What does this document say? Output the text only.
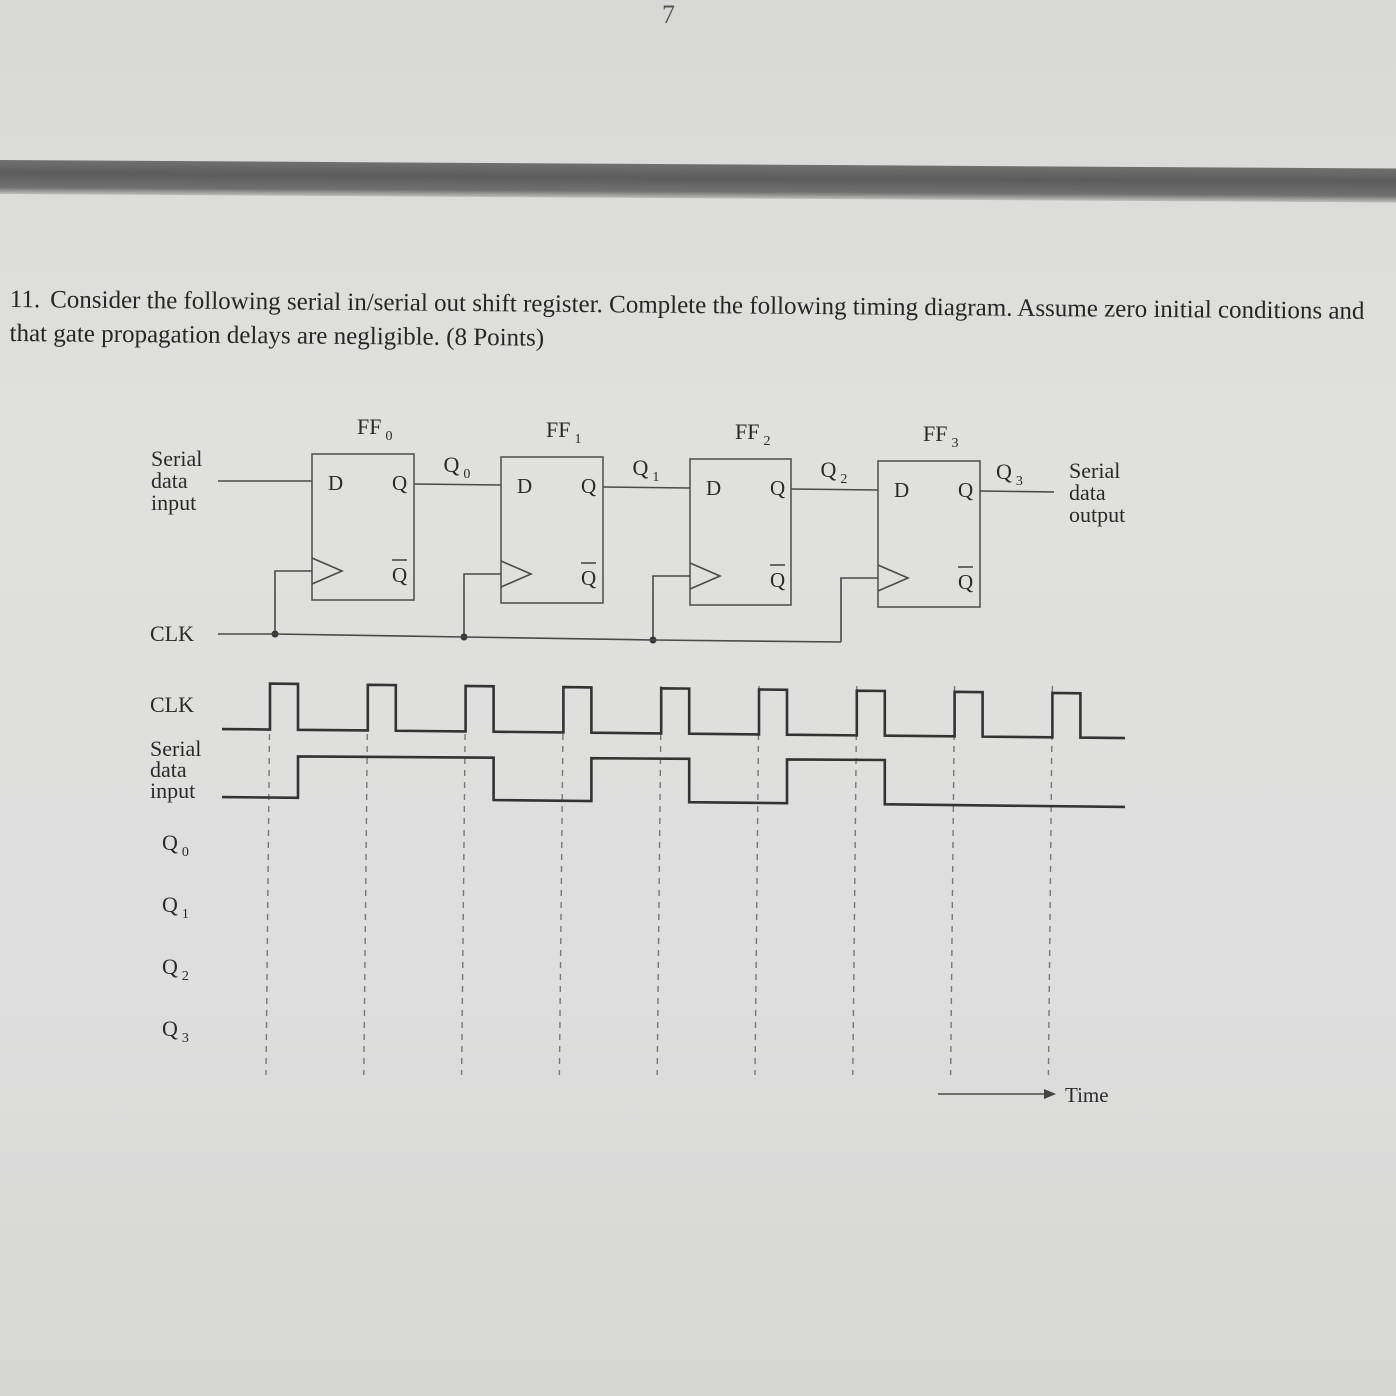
7
11. Consider the following serial in/serial out shift register. Complete the following timing diagram. Assume zero initial conditions and that gate propagation delays are negligible. (8 Points)
Serial
data
input
CLK
FF $_0$
D Q
Q
Q $_0$
FF $_1$
D Q
Q
Q $_1$
FF $_2$
D Q
Q
Q $_2$
FF $_3$
D Q
Q
Q $_3$ Serial
data
output
CLK
Serial
data
input
Q $_0$
Q $_1$
Q $_2$
Q $_3$
Time
